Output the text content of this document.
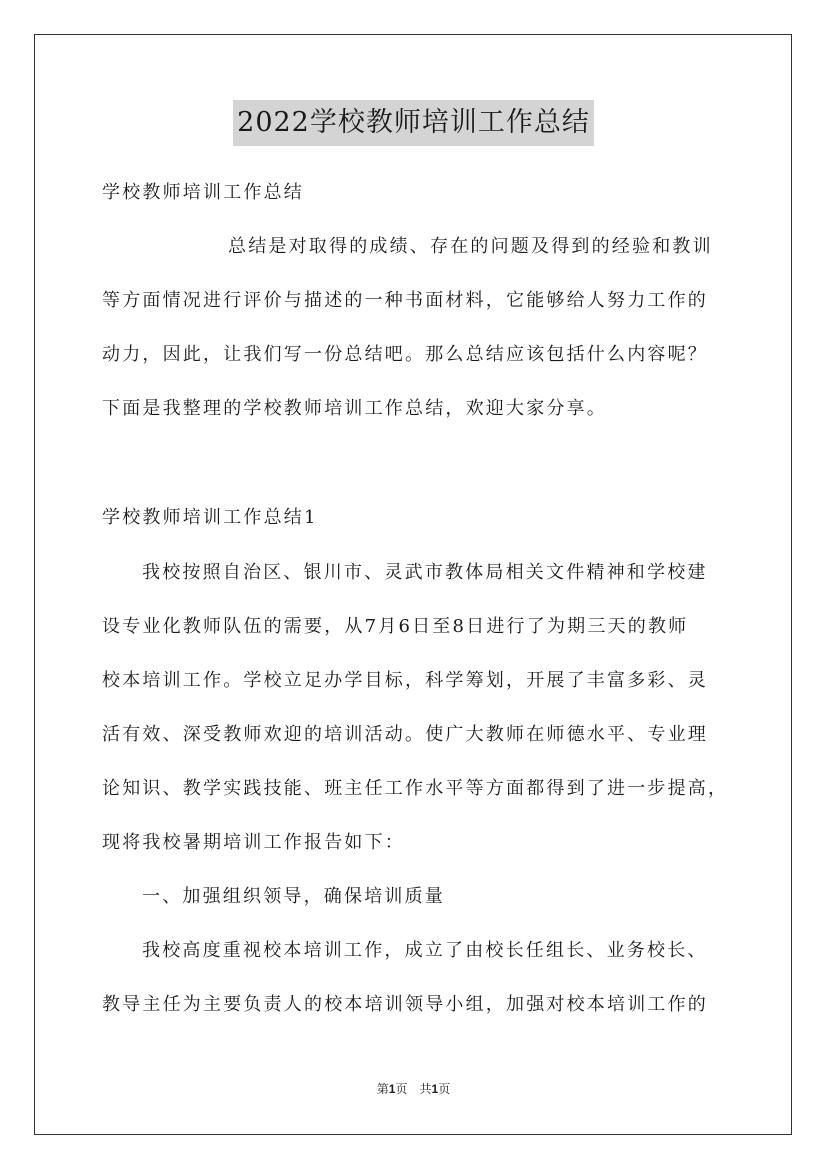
2022学校教师培训工作总结
学校教师培训工作总结
总结是对取得的成绩、存在的问题及得到的经验和教训
等方面情况进行评价与描述的一种书面材料，它能够给人努力工作的
动力，因此，让我们写一份总结吧。那么总结应该包括什么内容呢？
下面是我整理的学校教师培训工作总结，欢迎大家分享。
学校教师培训工作总结1
我校按照自治区、银川市、灵武市教体局相关文件精神和学校建
设专业化教师队伍的需要，从7月6日至8日进行了为期三天的教师
校本培训工作。学校立足办学目标，科学筹划，开展了丰富多彩、灵
活有效、深受教师欢迎的培训活动。使广大教师在师德水平、专业理
论知识、教学实践技能、班主任工作水平等方面都得到了进一步提高，
现将我校暑期培训工作报告如下：
一、加强组织领导，确保培训质量
我校高度重视校本培训工作，成立了由校长任组长、业务校长、
教导主任为主要负责人的校本培训领导小组，加强对校本培训工作的
第1页　共1页
